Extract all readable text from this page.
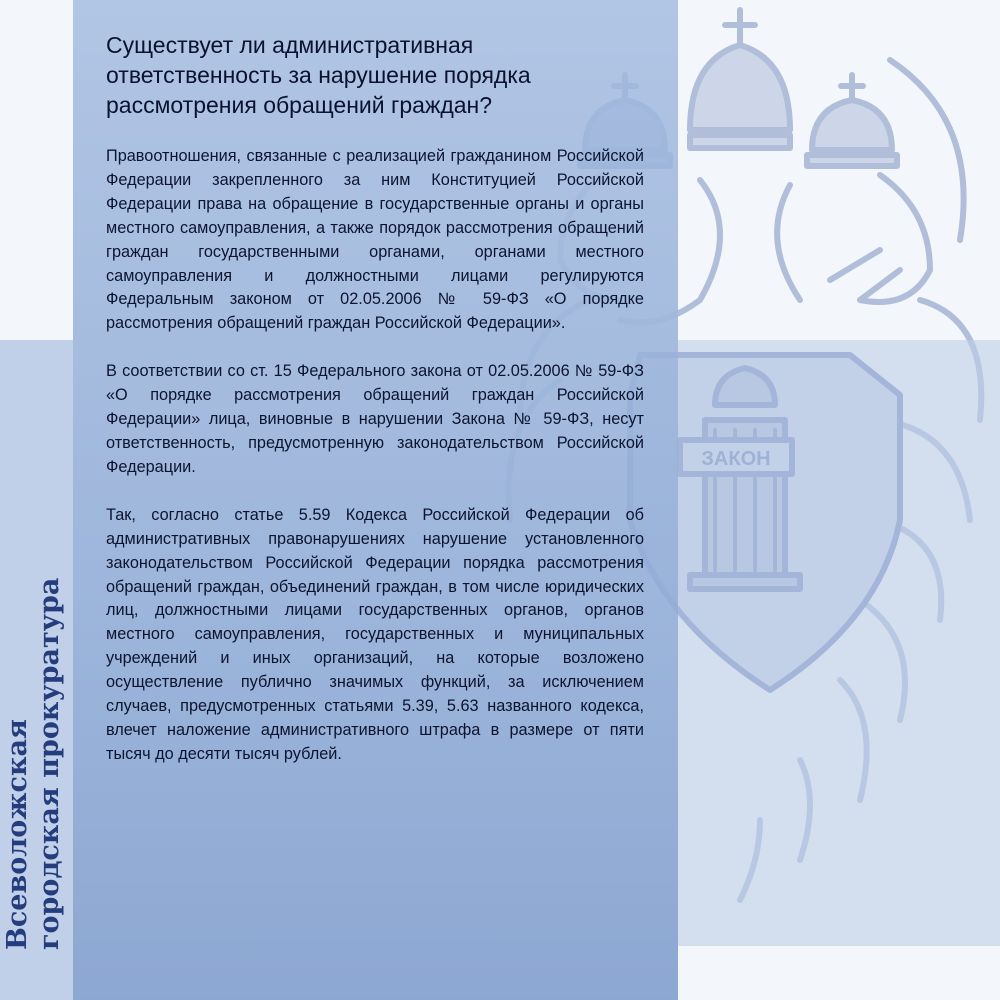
Всеволожская городская прокуратура
Существует ли административная ответственность за нарушение порядка рассмотрения обращений граждан?
Правоотношения, связанные с реализацией гражданином Российской Федерации закрепленного за ним Конституцией Российской Федерации права на обращение в государственные органы и органы местного самоуправления, а также порядок рассмотрения обращений граждан государственными органами, органами местного самоуправления и должностными лицами регулируются Федеральным законом от 02.05.2006 № 59-ФЗ «О порядке рассмотрения обращений граждан Российской Федерации».
В соответствии со ст. 15 Федерального закона от 02.05.2006 № 59-ФЗ «О порядке рассмотрения обращений граждан Российской Федерации» лица, виновные в нарушении Закона № 59-ФЗ, несут ответственность, предусмотренную законодательством Российской Федерации.
Так, согласно статье 5.59 Кодекса Российской Федерации об административных правонарушениях нарушение установленного законодательством Российской Федерации порядка рассмотрения обращений граждан, объединений граждан, в том числе юридических лиц, должностными лицами государственных органов, органов местного самоуправления, государственных и муниципальных учреждений и иных организаций, на которые возложено осуществление публично значимых функций, за исключением случаев, предусмотренных статьями 5.39, 5.63 названного кодекса, влечет наложение административного штрафа в размере от пяти тысяч до десяти тысяч рублей.
